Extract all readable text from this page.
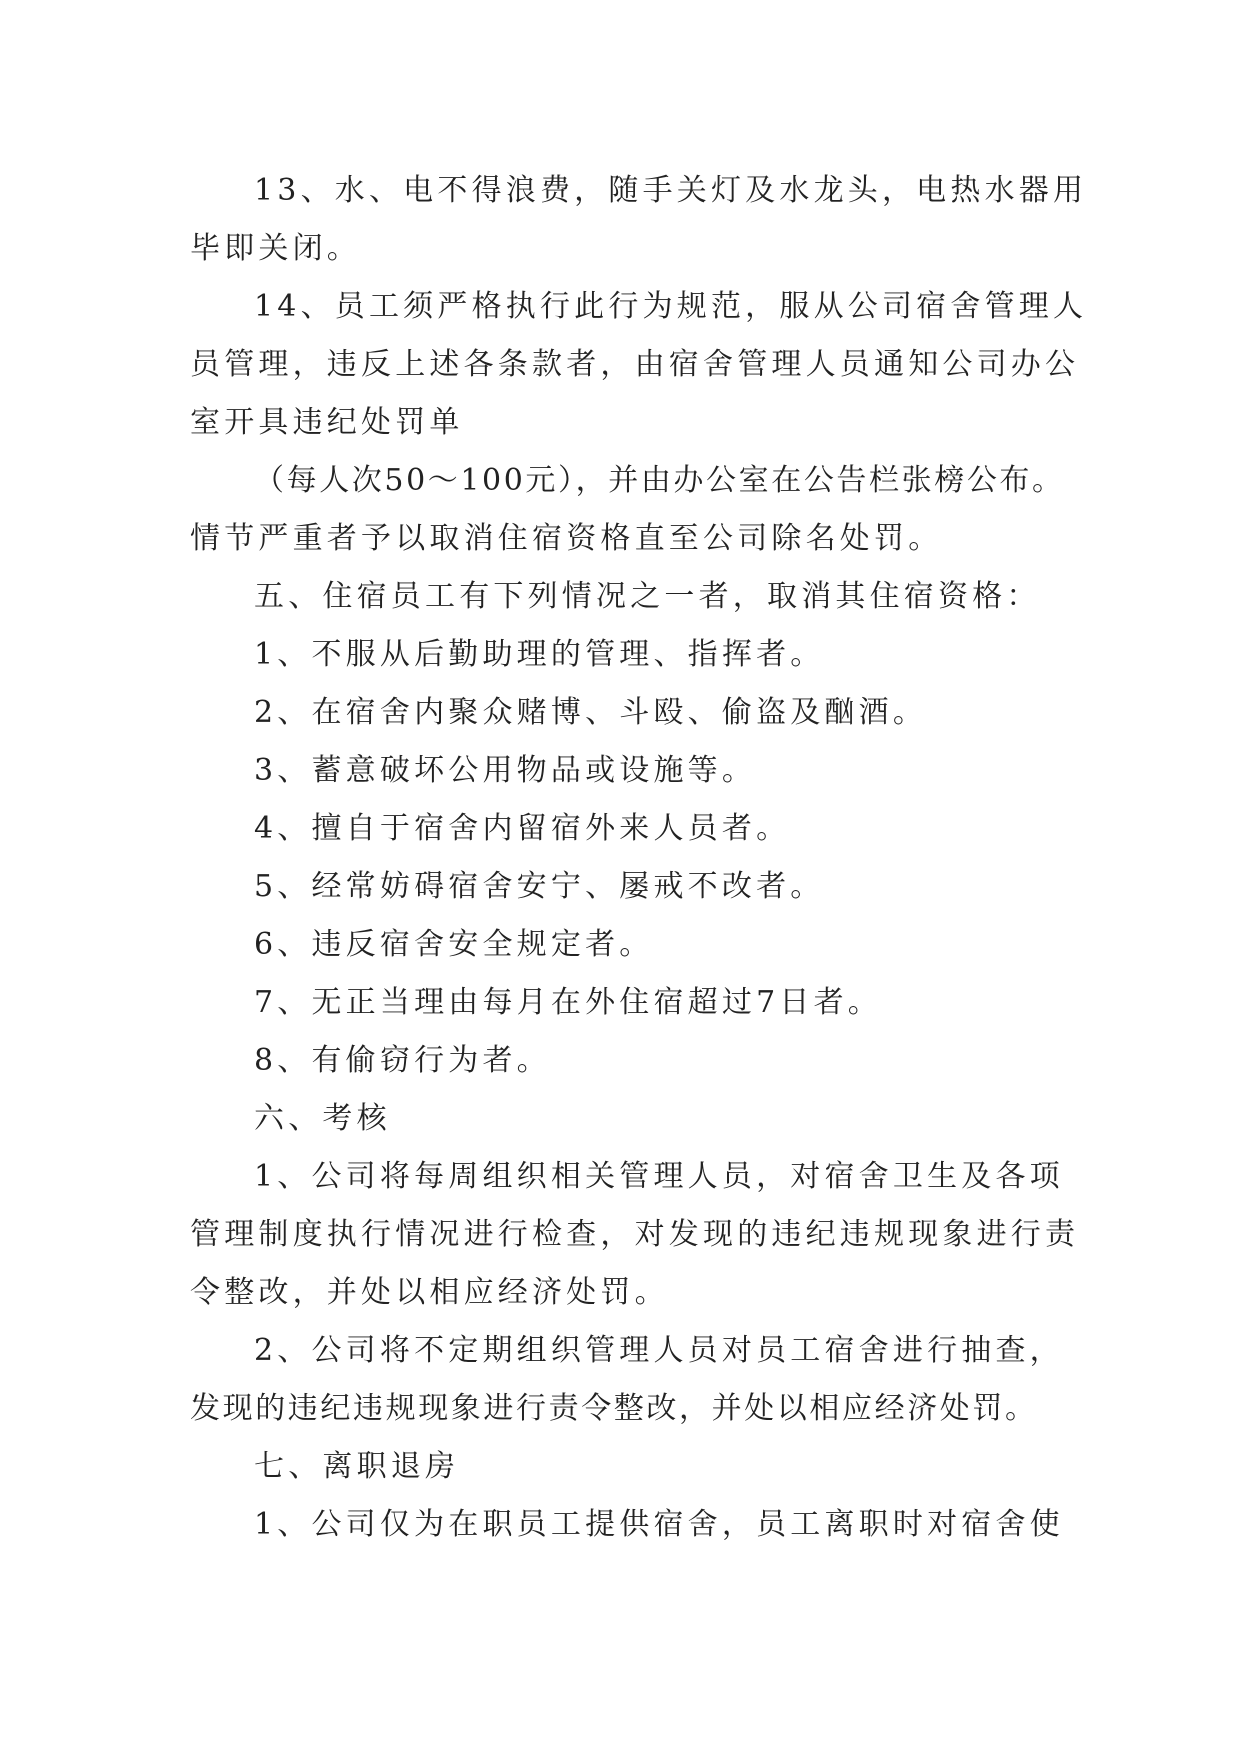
13、水、电不得浪费，随手关灯及水龙头，电热水器用
毕即关闭。
14、员工须严格执行此行为规范，服从公司宿舍管理人
员管理，违反上述各条款者，由宿舍管理人员通知公司办公
室开具违纪处罚单
（每人次50～100元），并由办公室在公告栏张榜公布。
情节严重者予以取消住宿资格直至公司除名处罚。
五、住宿员工有下列情况之一者，取消其住宿资格：
1、不服从后勤助理的管理、指挥者。
2、在宿舍内聚众赌博、斗殴、偷盗及酗酒。
3、蓄意破坏公用物品或设施等。
4、擅自于宿舍内留宿外来人员者。
5、经常妨碍宿舍安宁、屡戒不改者。
6、违反宿舍安全规定者。
7、无正当理由每月在外住宿超过7日者。
8、有偷窃行为者。
六、考核
1、公司将每周组织相关管理人员，对宿舍卫生及各项
管理制度执行情况进行检查，对发现的违纪违规现象进行责
令整改，并处以相应经济处罚。
2、公司将不定期组织管理人员对员工宿舍进行抽查，
发现的违纪违规现象进行责令整改，并处以相应经济处罚。
七、离职退房
1、公司仅为在职员工提供宿舍，员工离职时对宿舍使
